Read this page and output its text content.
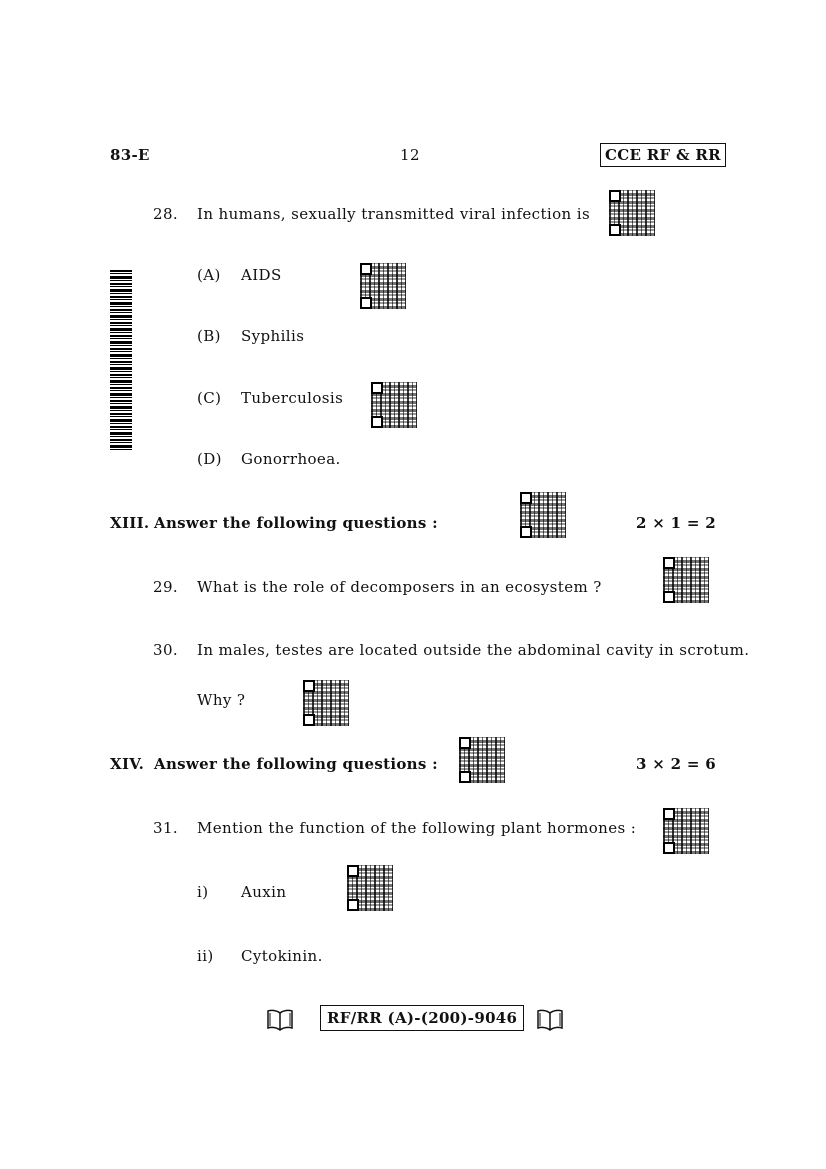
83-E	12	CCE RF & RR
28. In humans, sexually transmitted viral infection is
(A) AIDS
(B) Syphilis
(C) Tuberculosis
(D) Gonorrhoea.
XIII. Answer the following questions :	2 × 1 = 2
29. What is the role of decomposers in an ecosystem ?
30. In males, testes are located outside the abdominal cavity in scrotum.
Why ?
XIV. Answer the following questions :	3 × 2 = 6
31. Mention the function of the following plant hormones :
i) Auxin
ii) Cytokinin.
RF/RR (A)-(200)-9046
